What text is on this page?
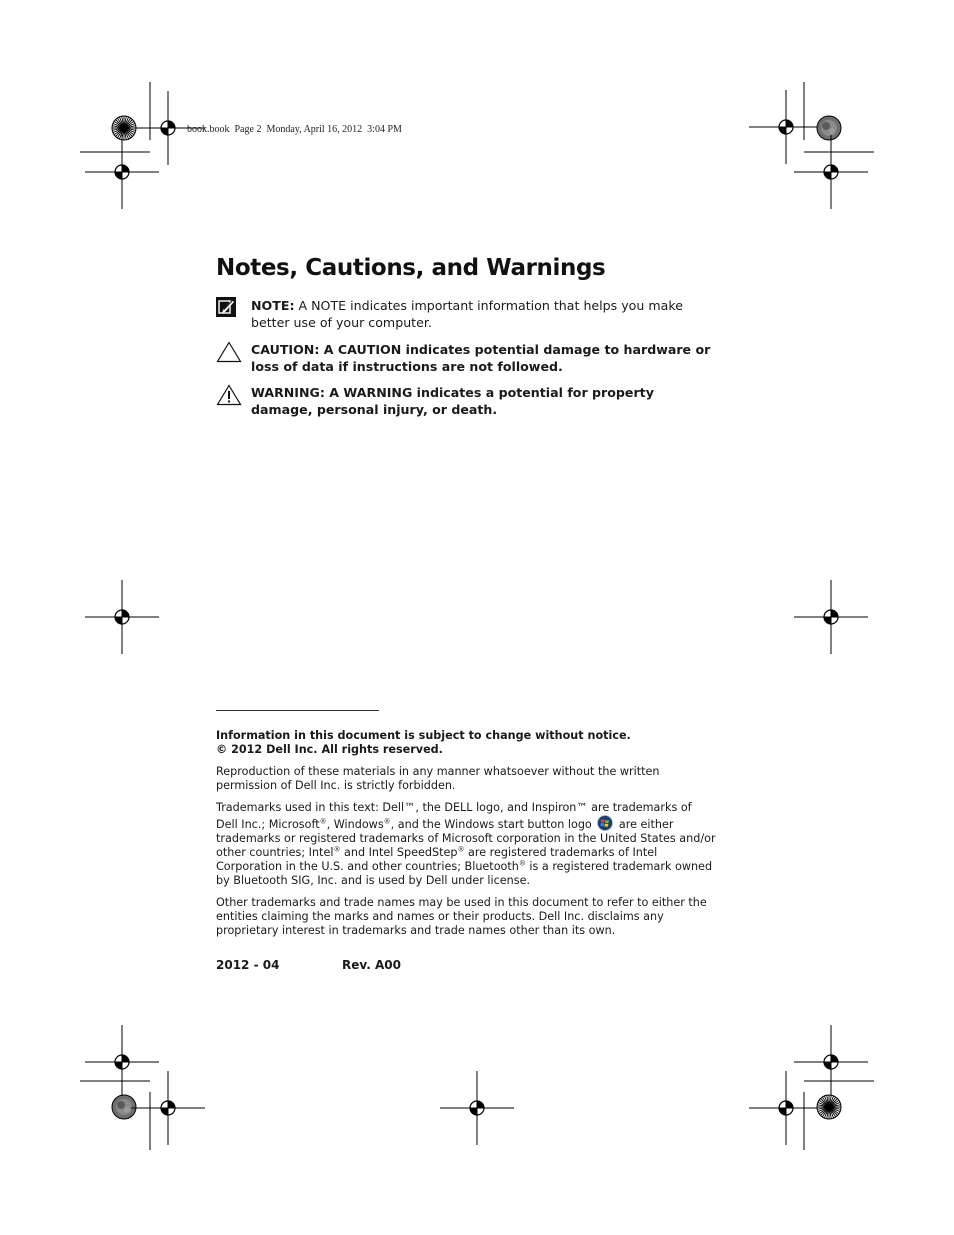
book.book  Page 2  Monday, April 16, 2012  3:04 PM
Notes, Cautions, and Warnings
NOTE: A NOTE indicates important information that helps you make better use of your computer.
CAUTION: A CAUTION indicates potential damage to hardware or loss of data if instructions are not followed.
WARNING: A WARNING indicates a potential for property damage, personal injury, or death.

Information in this document is subject to change without notice.

© 2012 Dell Inc. All rights reserved.

Reproduction of these materials in any manner whatsoever without the written permission of Dell Inc. is strictly forbidden.

Trademarks used in this text: Dell™, the DELL logo, and Inspiron™ are trademarks of Dell Inc.; Microsoft®, Windows®, and the Windows start button logo  are either trademarks or registered trademarks of Microsoft corporation in the United States and/or other countries; Intel® and Intel SpeedStep® are registered trademarks of Intel Corporation in the U.S. and other countries; Bluetooth® is a registered trademark owned by Bluetooth SIG, Inc. and is used by Dell under license.

Other trademarks and trade names may be used in this document to refer to either the entities claiming the marks and names or their products. Dell Inc. disclaims any proprietary interest in trademarks and trade names other than its own.

2012 - 04	Rev. A00
